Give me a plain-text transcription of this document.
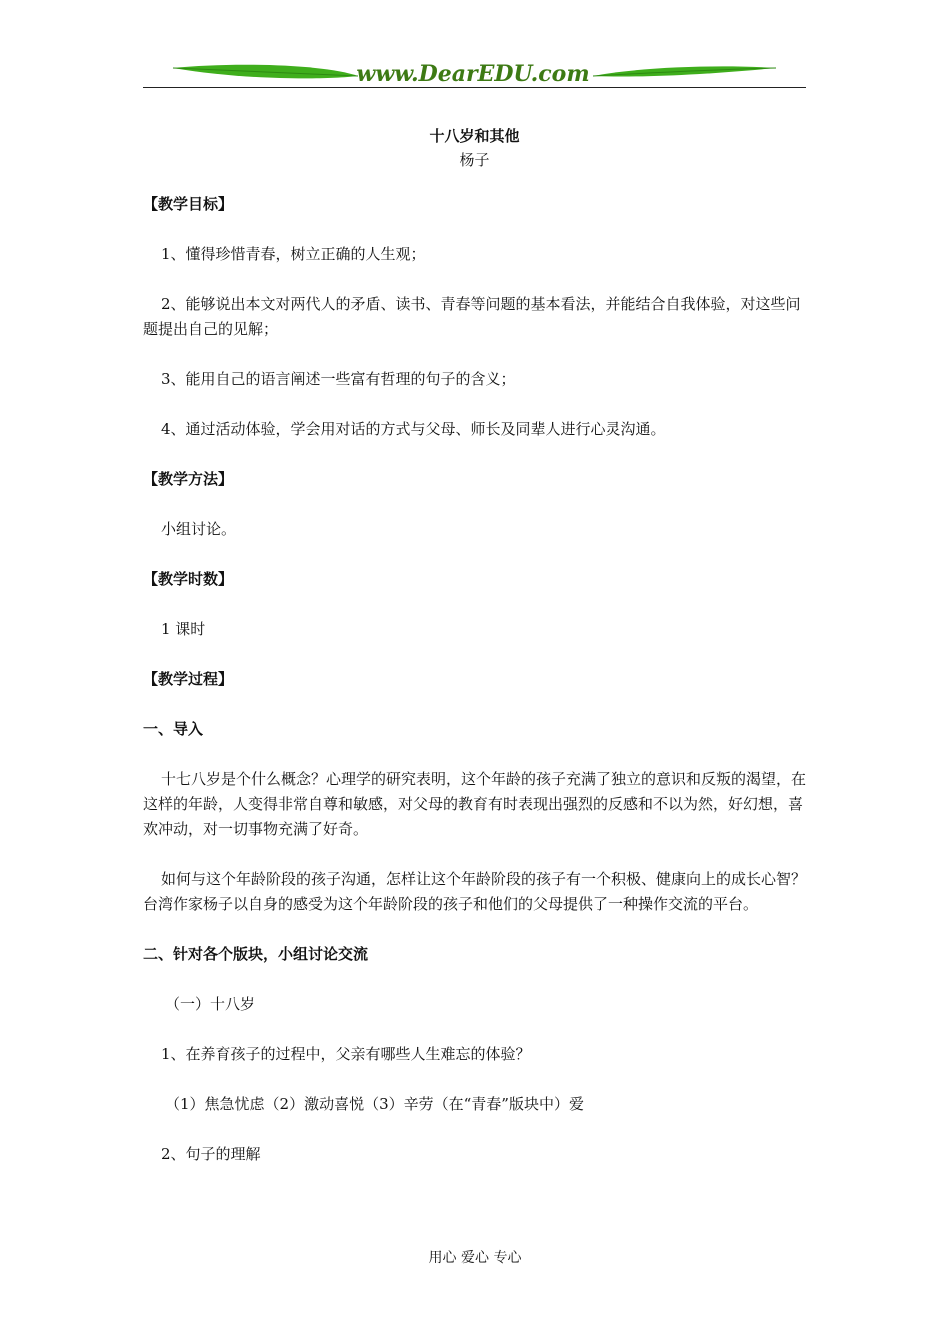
www.DearEDU.com

十八岁和其他

杨子

【教学目标】

1、懂得珍惜青春，树立正确的人生观；

2、能够说出本文对两代人的矛盾、读书、青春等问题的基本看法，并能结合自我体验，对这些问题提出自己的见解；

3、能用自己的语言阐述一些富有哲理的句子的含义；

4、通过活动体验，学会用对话的方式与父母、师长及同辈人进行心灵沟通。

【教学方法】

小组讨论。

【教学时数】

1 课时

【教学过程】

一、导入

十七八岁是个什么概念？心理学的研究表明，这个年龄的孩子充满了独立的意识和反叛的渴望，在这样的年龄，人变得非常自尊和敏感，对父母的教育有时表现出强烈的反感和不以为然，好幻想，喜欢冲动，对一切事物充满了好奇。

如何与这个年龄阶段的孩子沟通，怎样让这个年龄阶段的孩子有一个积极、健康向上的成长心智？台湾作家杨子以自身的感受为这个年龄阶段的孩子和他们的父母提供了一种操作交流的平台。

二、针对各个版块，小组讨论交流

（一）十八岁

1、在养育孩子的过程中，父亲有哪些人生难忘的体验？

（1）焦急忧虑（2）激动喜悦（3）辛劳（在“青春”版块中）爱

2、句子的理解

用心 爱心 专心
